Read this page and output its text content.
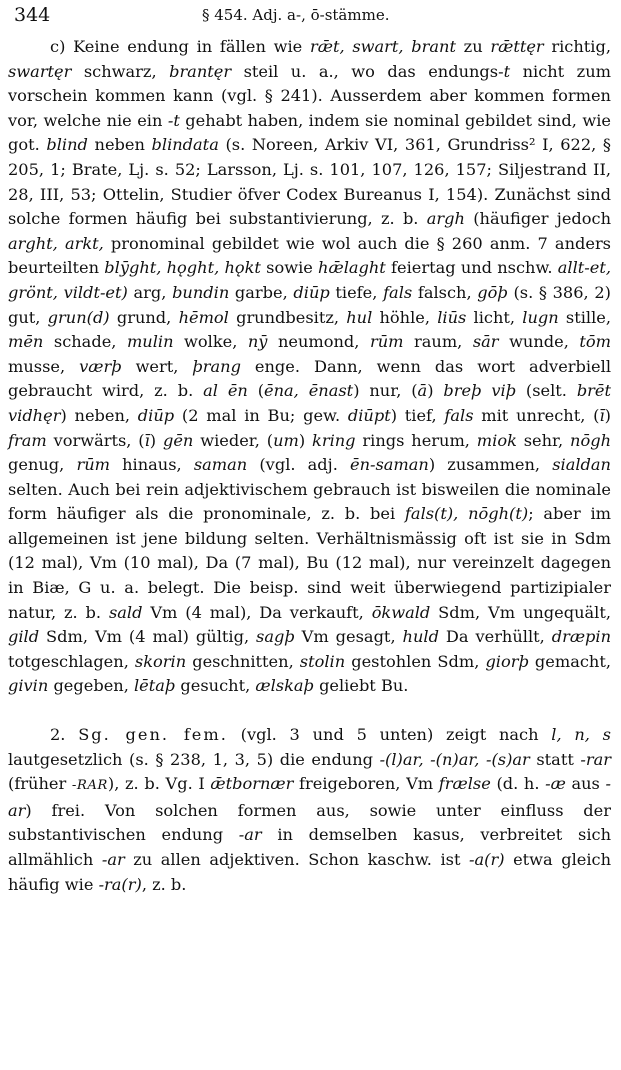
344	§ 454. Adj. a-, ō-stämme.

c) Keine endung in fällen wie rǣt, swart, brant zu rǣttęr richtig, swartęr schwarz, brantęr steil u. a., wo das endungs-t nicht zum vorschein kommen kann (vgl. § 241). Ausserdem aber kommen formen vor, welche nie ein -t gehabt haben, indem sie nominal gebildet sind, wie got. blind neben blindata (s. Noreen, Arkiv VI, 361, Grundriss² I, 622, § 205, 1; Brate, Lj. s. 52; Larsson, Lj. s. 101, 107, 126, 157; Siljestrand II, 28, III, 53; Ottelin, Studier öfver Codex Bureanus I, 154). Zunächst sind solche formen häufig bei substantivierung, z. b. argh (häufiger jedoch arght, arkt, pronominal gebildet wie wol auch die § 260 anm. 7 anders beurteilten blȳght, hǫght, hǫkt sowie hǣlaght feiertag und nschw. allt-et, grönt, vildt-et) arg, bundin garbe, diūp tiefe, fals falsch, gōþ (s. § 386, 2) gut, grun(d) grund, hēmol grundbesitz, hul höhle, liūs licht, lugn stille, mēn schade, mulin wolke, nȳ neumond, rūm raum, sār wunde, tōm musse, værþ wert, þrang enge. Dann, wenn das wort adverbiell gebraucht wird, z. b. al ēn (ēna, ēnast) nur, (ā) breþ viþ (selt. brēt vidhęr) neben, diūp (2 mal in Bu; gew. diūpt) tief, fals mit unrecht, (ī) fram vorwärts, (ī) gēn wieder, (um) kring rings herum, miok sehr, nōgh genug, rūm hinaus, saman (vgl. adj. ēn-saman) zusammen, sialdan selten. Auch bei rein adjektivischem gebrauch ist bisweilen die nominale form häufiger als die pronominale, z. b. bei fals(t), nōgh(t); aber im allgemeinen ist jene bildung selten. Verhältnismässig oft ist sie in Sdm (12 mal), Vm (10 mal), Da (7 mal), Bu (12 mal), nur vereinzelt dagegen in Biæ, G u. a. belegt. Die beisp. sind weit überwiegend partizipialer natur, z. b. sald Vm (4 mal), Da verkauft, ōkwald Sdm, Vm ungequält, gild Sdm, Vm (4 mal) gültig, sagþ Vm gesagt, huld Da verhüllt, dræpin totgeschlagen, skorin geschnitten, stolin gestohlen Sdm, giorþ gemacht, givin gegeben, lētaþ gesucht, ælskaþ geliebt Bu.

2. Sg. gen. fem. (vgl. 3 und 5 unten) zeigt nach l, n, s lautgesetzlich (s. § 238, 1, 3, 5) die endung -(l)ar, -(n)ar, -(s)ar statt -rar (früher -RAR), z. b. Vg. I ǣtbornær freigeboren, Vm frælse (d. h. -æ aus -ar) frei. Von solchen formen aus, sowie unter einfluss der substantivischen endung -ar in demselben kasus, verbreitet sich allmählich -ar zu allen adjektiven. Schon kaschw. ist -a(r) etwa gleich häufig wie -ra(r), z. b.
